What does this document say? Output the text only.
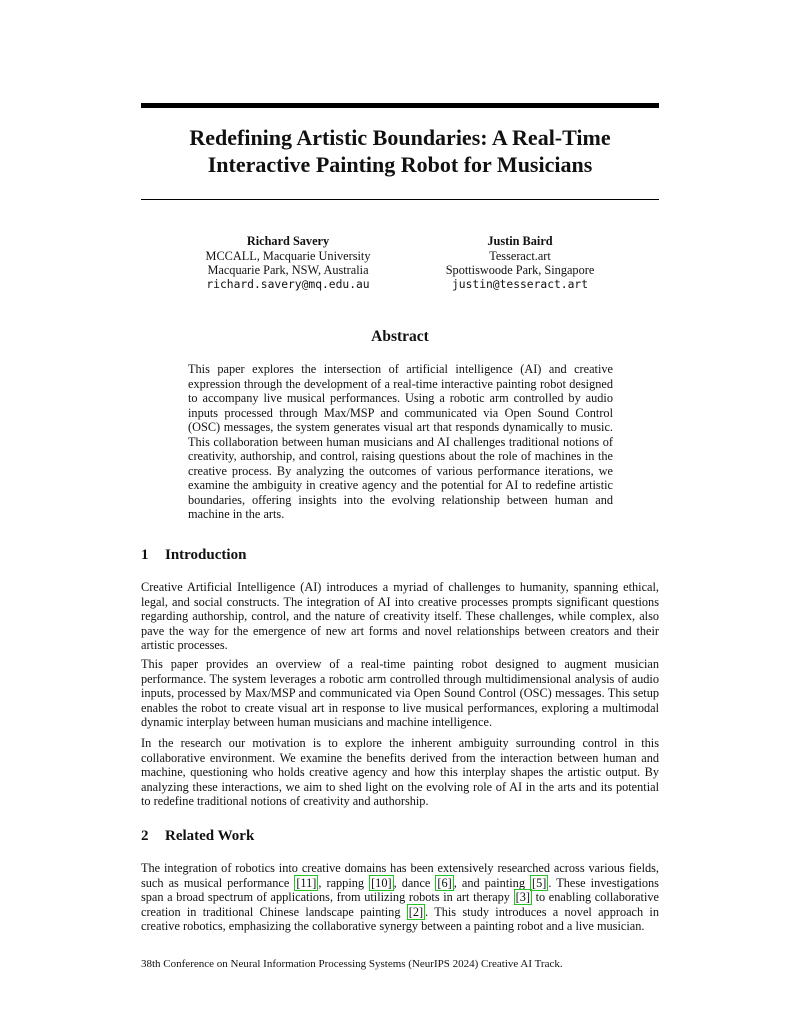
Redefining Artistic Boundaries: A Real-Time Interactive Painting Robot for Musicians
Richard Savery
MCCALL, Macquarie University
Macquarie Park, NSW, Australia
richard.savery@mq.edu.au
Justin Baird
Tesseract.art
Spottiswoode Park, Singapore
justin@tesseract.art
Abstract
This paper explores the intersection of artificial intelligence (AI) and creative expression through the development of a real-time interactive painting robot designed to accompany live musical performances. Using a robotic arm controlled by audio inputs processed through Max/MSP and communicated via Open Sound Control (OSC) messages, the system generates visual art that responds dynamically to music. This collaboration between human musicians and AI challenges traditional notions of creativity, authorship, and control, raising questions about the role of machines in the creative process. By analyzing the outcomes of various performance iterations, we examine the ambiguity in creative agency and the potential for AI to redefine artistic boundaries, offering insights into the evolving relationship between human and machine in the arts.
1 Introduction

Creative Artificial Intelligence (AI) introduces a myriad of challenges to humanity, spanning ethical, legal, and social constructs. The integration of AI into creative processes prompts significant questions regarding authorship, control, and the nature of creativity itself. These challenges, while complex, also pave the way for the emergence of new art forms and novel relationships between creators and their artistic processes.

This paper provides an overview of a real-time painting robot designed to augment musician performance. The system leverages a robotic arm controlled through multidimensional analysis of audio inputs, processed by Max/MSP and communicated via Open Sound Control (OSC) messages. This setup enables the robot to create visual art in response to live musical performances, exploring a multimodal dynamic interplay between human musicians and machine intelligence.

In the research our motivation is to explore the inherent ambiguity surrounding control in this collaborative environment. We examine the benefits derived from the interaction between human and machine, questioning who holds creative agency and how this interplay shapes the artistic output. By analyzing these interactions, we aim to shed light on the evolving role of AI in the arts and its potential to redefine traditional notions of creativity and authorship.

2 Related Work

The integration of robotics into creative domains has been extensively researched across various fields, such as musical performance [11] , rapping [10] , dance [6] , and painting [5] . These investigations span a broad spectrum of applications, from utilizing robots in art therapy [3] to enabling collaborative creation in traditional Chinese landscape painting [2] . This study introduces a novel approach in creative robotics, emphasizing the collaborative synergy between a painting robot and a live musician.

38th Conference on Neural Information Processing Systems (NeurIPS 2024) Creative AI Track.
